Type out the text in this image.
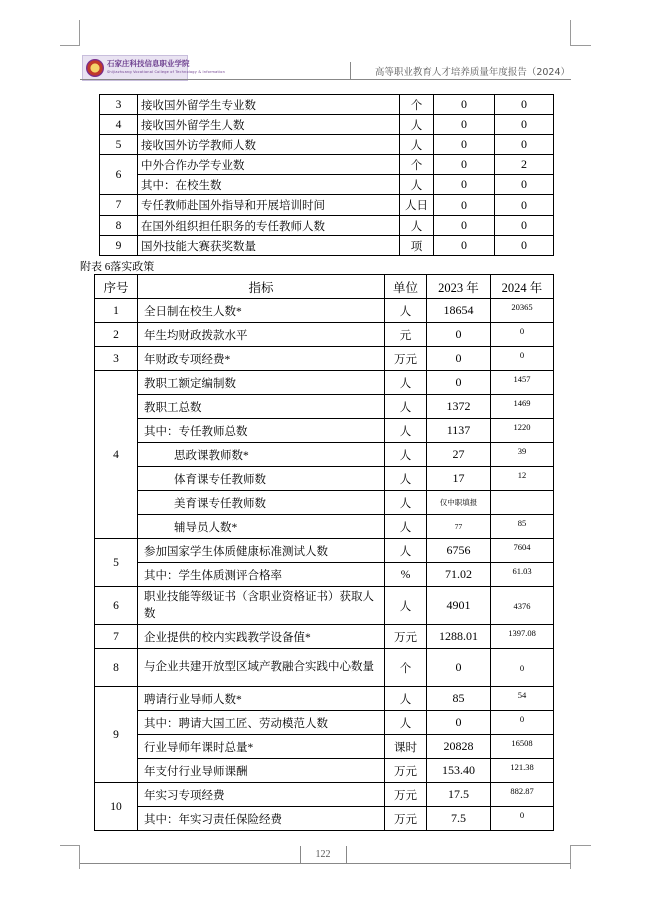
石家庄科技信息职业学院
Shijiazhuang Vocational College of Technology & Information	高等职业教育人才培养质量年度报告（2024）
3	接收国外留学生专业数	个	0	0
4	接收国外留学生人数	人	0	0
5	接收国外访学教师人数	人	0	0
6	中外合作办学专业数	个	0	2
	其中：在校生数	人	0	0
7	专任教师赴国外指导和开展培训时间	人日	0	0
8	在国外组织担任职务的专任教师人数	人	0	0
9	国外技能大赛获奖数量	项	0	0
附表 6落实政策
序号	指标	单位	2023 年	2024 年
1	全日制在校生人数*	人	18654	20365
2	年生均财政拨款水平	元	0	0
3	年财政专项经费*	万元	0	0
4	教职工额定编制数	人	0	1457
	教职工总数	人	1372	1469
	其中：专任教师总数	人	1137	1220
	思政课教师数*	人	27	39
	体育课专任教师数	人	17	12
	美育课专任教师数	人	仅中职填报	
	辅导员人数*	人	77	85
5	参加国家学生体质健康标准测试人数	人	6756	7604
	其中：学生体质测评合格率	%	71.02	61.03
6	职业技能等级证书（含职业资格证书）获取人数	人	4901	4376
7	企业提供的校内实践教学设备值*	万元	1288.01	1397.08
8	与企业共建开放型区域产教融合实践中心数量	个	0	0
9	聘请行业导师人数*	人	85	54
	其中：聘请大国工匠、劳动模范人数	人	0	0
	行业导师年课时总量*	课时	20828	16508
	年支付行业导师课酬	万元	153.40	121.38
10	年实习专项经费	万元	17.5	882.87
	其中：年实习责任保险经费	万元	7.5	0
122
